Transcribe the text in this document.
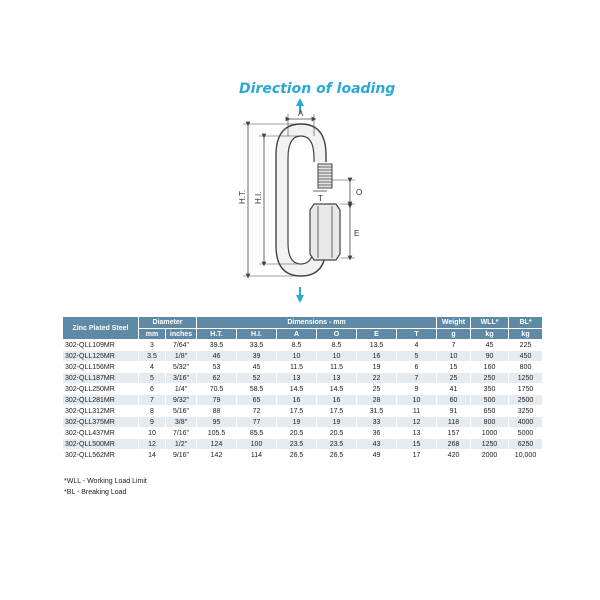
Direction of loading
A
H.T. H.I.	T
O
E
Zinc Plated Steel	Diameter		Dimensions - mm						Weight	WLL*	BL*
	mm	inches	H.T.	H.I.	A	O	E	T	g	kg	kg
302-QLL109MR	3	7/64"	39.5	33.5	8.5	8.5	13.5	4	7	45	225
302-QLL125MR	3.5	1/8"	46	39	10	10	16	5	10	90	450
302-QLL156MR	4	5/32"	53	45	11.5	11.5	19	6	15	160	800
302-QLL187MR	5	3/16"	62	52	13	13	22	7	25	250	1250
302-QLL250MR	6	1/4"	70.5	58.5	14.5	14.5	25	9	41	350	1750
302-QLL281MR	7	9/32"	79	65	16	16	28	10	60	500	2500
302-QLL312MR	8	5/16"	88	72	17.5	17.5	31.5	11	91	650	3250
302-QLL375MR	9	3/8"	95	77	19	19	33	12	118	800	4000
302-QLL437MR	10	7/16"	105.5	85.5	20.5	20.5	36	13	157	1000	5000
302-QLL500MR	12	1/2"	124	100	23.5	23.5	43	15	268	1250	6250
302-QLL562MR	14	9/16"	142	114	26.5	26.5	49	17	420	2000	10,000
*WLL - Working Load Limit
*BL - Breaking Load
